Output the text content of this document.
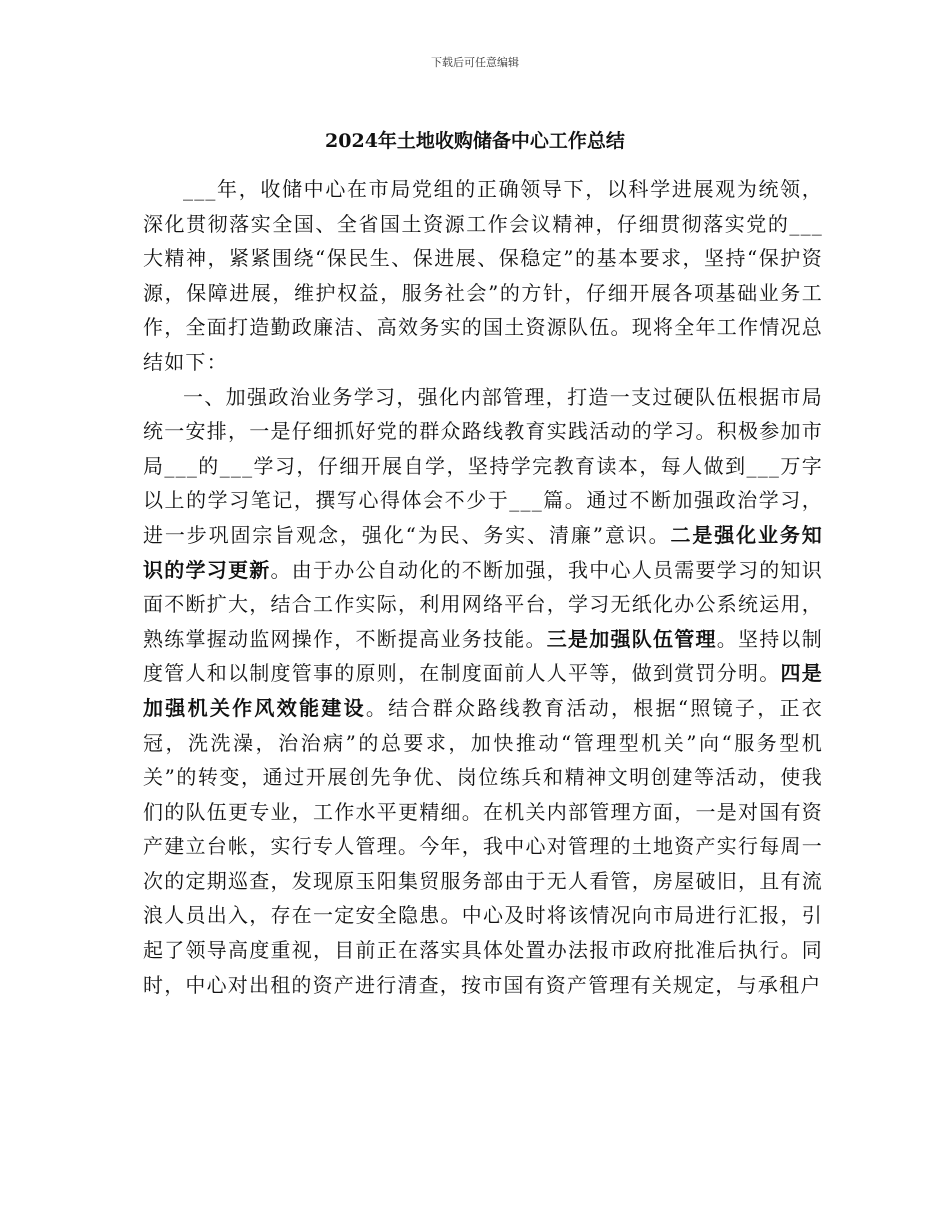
下载后可任意编辑
2024年土地收购储备中心工作总结

___年，收储中心在市局党组的正确领导下，以科学进展观为统领，深化贯彻落实全国、全省国土资源工作会议精神，仔细贯彻落实党的___大精神，紧紧围绕“保民生、保进展、保稳定”的基本要求，坚持“保护资源，保障进展，维护权益，服务社会”的方针，仔细开展各项基础业务工作，全面打造勤政廉洁、高效务实的国土资源队伍。现将全年工作情况总结如下：

一、加强政治业务学习，强化内部管理，打造一支过硬队伍根据市局统一安排，一是仔细抓好党的群众路线教育实践活动的学习。积极参加市局___的___学习，仔细开展自学，坚持学完教育读本，每人做到___万字以上的学习笔记，撰写心得体会不少于___篇。通过不断加强政治学习，进一步巩固宗旨观念，强化“为民、务实、清廉”意识。二是强化业务知识的学习更新。由于办公自动化的不断加强，我中心人员需要学习的知识面不断扩大，结合工作实际，利用网络平台，学习无纸化办公系统运用，熟练掌握动监网操作，不断提高业务技能。三是加强队伍管理。坚持以制度管人和以制度管事的原则，在制度面前人人平等，做到赏罚分明。四是加强机关作风效能建设。结合群众路线教育活动，根据“照镜子，正衣冠，洗洗澡，治治病”的总要求，加快推动“管理型机关”向“服务型机关”的转变，通过开展创先争优、岗位练兵和精神文明创建等活动，使我们的队伍更专业，工作水平更精细。在机关内部管理方面，一是对国有资产建立台帐，实行专人管理。今年，我中心对管理的土地资产实行每周一次的定期巡查，发现原玉阳集贸服务部由于无人看管，房屋破旧，且有流浪人员出入，存在一定安全隐患。中心及时将该情况向市局进行汇报，引起了领导高度重视，目前正在落实具体处置办法报市政府批准后执行。同时，中心对出租的资产进行清查，按市国有资产管理有关规定，与承租户
